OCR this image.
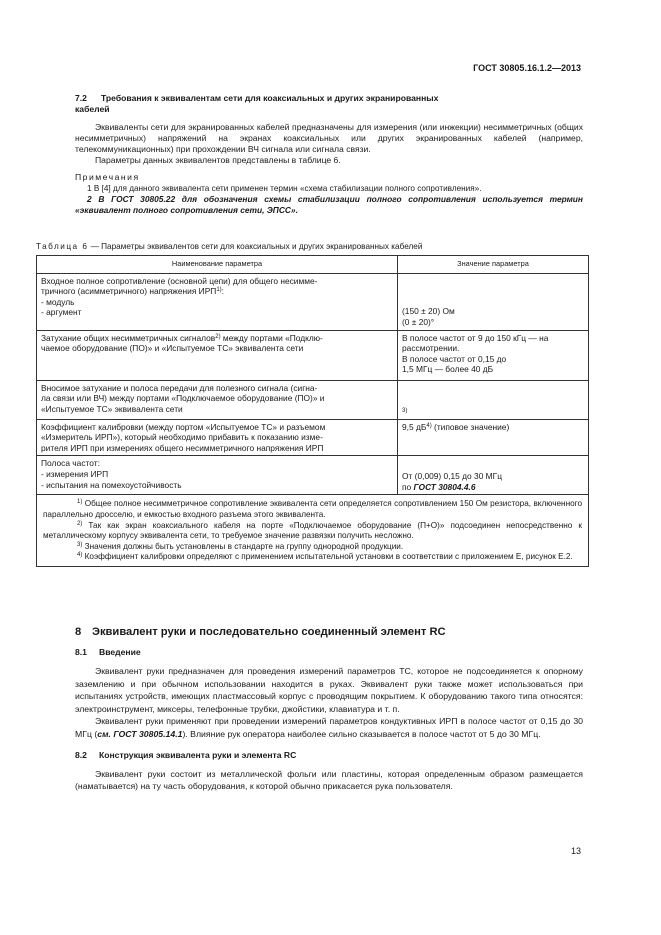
ГОСТ 30805.16.1.2—2013
7.2 Требования к эквивалентам сети для коаксиальных и других экранированных
кабелей

Эквиваленты сети для экранированных кабелей предназначены для измерения (или инжекции) несимметричных (общих несимметричных) напряжений на экранах коаксиальных или других экранированных кабелей (например, телекоммуникационных) при прохождении ВЧ сигнала или сигнала связи.

Параметры данных эквивалентов представлены в таблице 6.

Примечания

1 В [4] для данного эквивалента сети применен термин «схема стабилизации полного сопротивления».

2 В ГОСТ 30805.22 для обозначения схемы стабилизации полного сопротивления используется термин «эквивалент полного сопротивления сети, ЭПСС».

Таблица 6 — Параметры эквивалентов сети для коаксиальных и других экранированных кабелей
Наименование параметра	Значение параметра
Входное полное сопротивление (основной цепи) для общего несимме-
тричного (асимметричного) напряжения ИРП$^{1)}$:
- модуль
- аргумент	(150 ± 20) Ом
(0 ± 20)°
Затухание общих несимметричных сигналов$^{2)}$ между портами «Подклю-
чаемое оборудование (ПО)» и «Испытуемое ТС» эквивалента сети	В полосе частот от 9 до 150 кГц — на
рассмотрении.
В полосе частот от 0,15 до
1,5 МГц — более 40 дБ
Вносимое затухание и полоса передачи для полезного сигнала (сигна-
ла связи или ВЧ) между портами «Подключаемое оборудование (ПО)» и
«Испытуемое ТС» эквивалента сети	3)
Коэффициент калибровки (между портом «Испытуемое ТС» и разъемом
«Измеритель ИРП»), который необходимо прибавить к показанию изме-
рителя ИРП при измерениях общего несимметричного напряжения ИРП	9,5 $дБ^{4)}$ (типовое значение)
Полоса частот:
- измерения ИРП
- испытания на помехоустойчивость	От (0,009) 0,15 до 30 МГц
по ГОСТ 30804.4.6

$^{1)}$ Общее полное несимметричное сопротивление эквивалента сети определяется сопротивлением 150 Ом резистора, включенного параллельно дросселю, и емкостью входного разъема этого эквивалента.

$^{2)}$ Так как экран коаксиального кабеля на порте «Подключаемое оборудование (П+О)» подсоединен непосредственно к металлическому корпусу эквивалента сети, то требуемое значение развязки получить несложно.

$^{3)}$ Значения должны быть установлены в стандарте на группу однородной продукции.

$^{4)}$ Коэффициент калибровки определяют с применением испытательной установки в соответствии с приложением Е, рисунок Е.2.	

8 Эквивалент руки и последовательно соединенный элемент RC
8.1 Введение

Эквивалент руки предназначен для проведения измерений параметров ТС, которое не подсоединяется к опорному заземлению и при обычном использовании находится в руках. Эквивалент руки также может использоваться при испытаниях устройств, имеющих пластмассовый корпус с проводящим покрытием. К оборудованию такого типа относятся: электроинструмент, миксеры, телефонные трубки, джойстики, клавиатура и т. п.

Эквивалент руки применяют при проведении измерений параметров кондуктивных ИРП в полосе частот от 0,15 до 30 МГц (см. ГОСТ 30805.14.1). Влияние рук оператора наиболее сильно сказывается в полосе частот от 5 до 30 МГц.

8.2 Конструкция эквивалента руки и элемента RC

Эквивалент руки состоит из металлической фольги или пластины, которая определенным образом размещается (наматывается) на ту часть оборудования, к которой обычно прикасается рука пользователя.

13
